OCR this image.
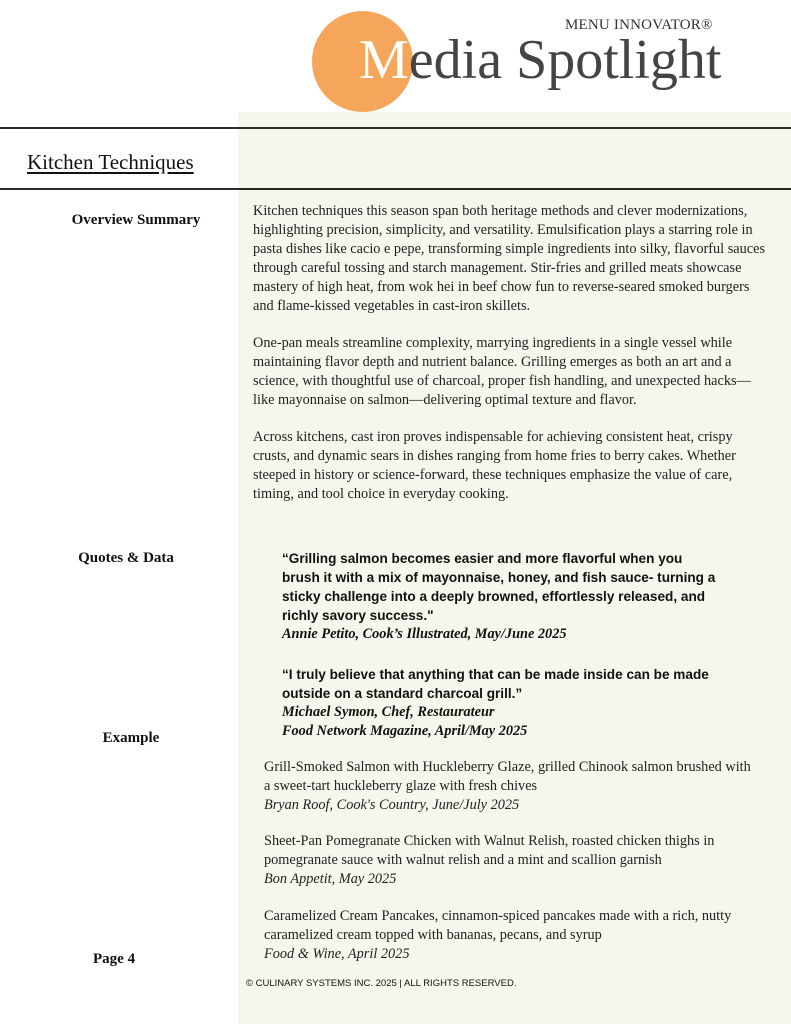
MENU INNOVATOR®
Media Spotlight
Kitchen Techniques
Overview Summary

Kitchen techniques this season span both heritage methods and clever modernizations, highlighting precision, simplicity, and versatility. Emulsification plays a starring role in pasta dishes like cacio e pepe, transforming simple ingredients into silky, flavorful sauces through careful tossing and starch management. Stir-fries and grilled meats showcase mastery of high heat, from wok hei in beef chow fun to reverse-seared smoked burgers and flame-kissed vegetables in cast-iron skillets.

One-pan meals streamline complexity, marrying ingredients in a single vessel while maintaining flavor depth and nutrient balance. Grilling emerges as both an art and a science, with thoughtful use of charcoal, proper fish handling, and unexpected hacks—like mayonnaise on salmon—delivering optimal texture and flavor.

Across kitchens, cast iron proves indispensable for achieving consistent heat, crispy crusts, and dynamic sears in dishes ranging from home fries to berry cakes. Whether steeped in history or science-forward, these techniques emphasize the value of care, timing, and tool choice in everyday cooking.

Quotes & Data	“Grilling salmon becomes easier and more flavorful when you brush it with a mix of mayonnaise, honey, and fish sauce- turning a sticky challenge into a deeply browned, effortlessly released, and richly savory success."
Annie Petito, Cook’s Illustrated, May/June 2025
“I truly believe that anything that can be made inside can be made outside on a standard charcoal grill.”
Michael Symon, Chef, Restaurateur
Food Network Magazine, April/May 2025
Example
Grill-Smoked Salmon with Huckleberry Glaze, grilled Chinook salmon brushed with a sweet-tart huckleberry glaze with fresh chives
Bryan Roof, Cook's Country, June/July 2025
Sheet-Pan Pomegranate Chicken with Walnut Relish, roasted chicken thighs in pomegranate sauce with walnut relish and a mint and scallion garnish
Bon Appetit, May 2025
Caramelized Cream Pancakes, cinnamon-spiced pancakes made with a rich, nutty caramelized cream topped with bananas, pecans, and syrup
Food & Wine, April 2025
Page 4
© CULINARY SYSTEMS INC. 2025 | ALL RIGHTS RESERVED.
